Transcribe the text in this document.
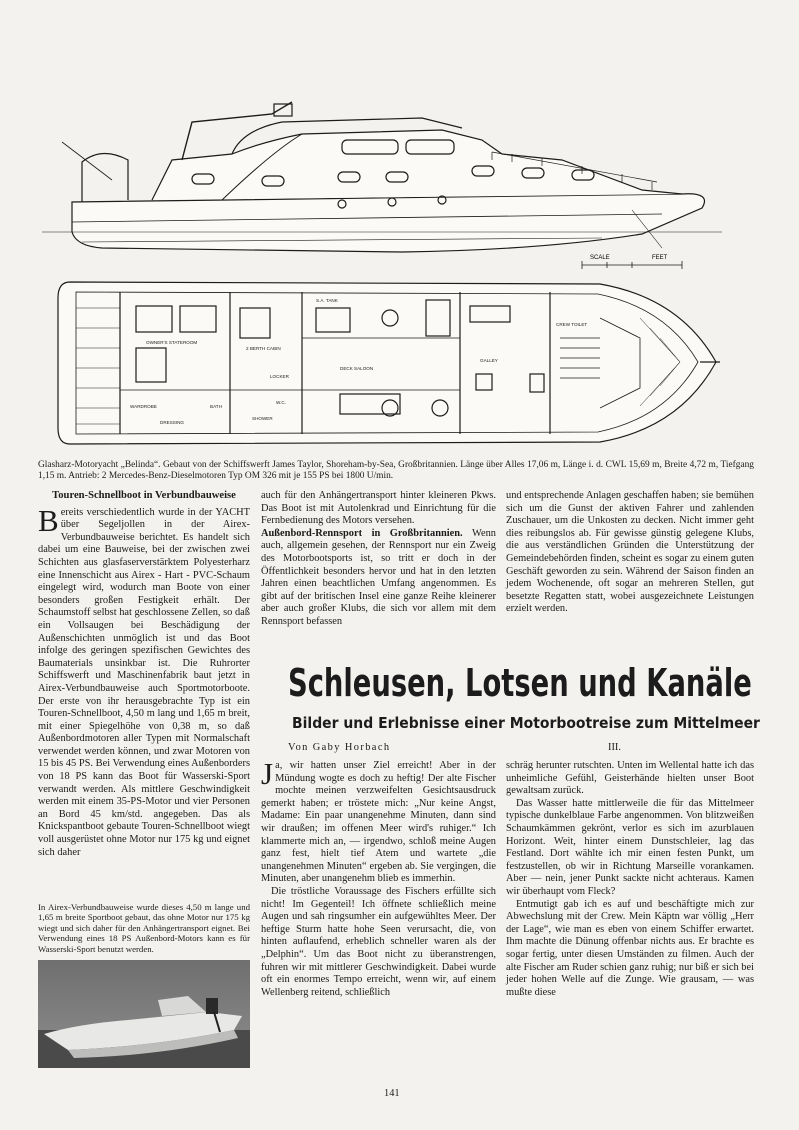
SCALE	FEET
OWNER'S STATEROOM
2 BERTH CABIN
DECK SALOON
GALLEY
CREW TOILET
W.C.
BATH
SHOWER
WARDROBE
S.A. TANK
DRESSING
LOCKER
Glasharz-Motoryacht „Belinda“. Gebaut von der Schiffswerft James Taylor, Shoreham-by-Sea, Großbritannien. Länge über Alles 17,06 m, Länge i. d. CWL 15,69 m, Breite 4,72 m, Tiefgang 1,15 m. Antrieb: 2 Mercedes-Benz-Dieselmotoren Typ OM 326 mit je 155 PS bei 1800 U/min.
Touren-Schnellboot in Verbundbauweise

Bereits verschiedentlich wurde in der YACHT über Segeljollen in der Airex-Verbundbauweise berichtet. Es handelt sich dabei um eine Bauweise, bei der zwischen zwei Schichten aus glasfaserverstärktem Polyesterharz eine Innenschicht aus Airex - Hart - PVC-Schaum eingelegt wird, wodurch man Boote von einer besonders großen Festigkeit erhält. Der Schaumstoff selbst hat geschlossene Zellen, so daß ein Vollsaugen bei Beschädigung der Außenschichten unmöglich ist und das Boot infolge des geringen spezifischen Gewichtes des Baumaterials unsinkbar ist. Die Ruhrorter Schiffswerft und Maschinenfabrik baut jetzt in Airex-Verbundbauweise auch Sportmotorboote. Der erste von ihr herausgebrachte Typ ist ein Touren-Schnellboot, 4,50 m lang und 1,65 m breit, mit einer Spiegelhöhe von 0,38 m, so daß Außenbordmotoren aller Typen mit Normalschaft verwendet werden können, und zwar Motoren von 15 bis 45 PS. Bei Verwendung eines Außenborders von 18 PS kann das Boot für Wasserski-Sport verwandt werden. Als mittlere Geschwindigkeit werden mit einem 35-PS-Motor und vier Personen an Bord 45 km/std. angegeben. Das als Knickspantboot gebaute Touren-Schnellboot wiegt voll ausgerüstet ohne Motor nur 175 kg und eignet sich daher

In Airex-Verbundbauweise wurde dieses 4,50 m lange und 1,65 m breite Sportboot gebaut, das ohne Motor nur 175 kg wiegt und sich daher für den Anhängertransport eignet. Bei Verwendung eines 18 PS Außenbord-Motors kann es für Wasserski-Sport benutzt werden.

auch für den Anhängertransport hinter kleineren Pkws. Das Boot ist mit Autolenkrad und Einrichtung für die Fernbedienung des Motors versehen.

Außenbord-Rennsport in Großbritannien. Wenn auch, allgemein gesehen, der Rennsport nur ein Zweig des Motorbootsports ist, so tritt er doch in der Öffentlichkeit besonders hervor und hat in den letzten Jahren einen beachtlichen Umfang angenommen. Es gibt auf der britischen Insel eine ganze Reihe kleinerer aber auch großer Klubs, die sich vor allem mit dem Rennsport befassen

und entsprechende Anlagen geschaffen haben; sie bemühen sich um die Gunst der aktiven Fahrer und zahlenden Zuschauer, um die Unkosten zu decken. Nicht immer geht dies reibungslos ab. Für gewisse günstig gelegene Klubs, die aus verständlichen Gründen die Unterstützung der Gemeindebehörden finden, scheint es sogar zu einem guten Geschäft geworden zu sein. Während der Saison finden an jedem Wochenende, oft sogar an mehreren Stellen, gut besetzte Regatten statt, wobei ausgezeichnete Leistungen erzielt werden.

Schleusen, Lotsen und Kanäle
Bilder und Erlebnisse einer Motorbootreise zum Mittelmeer
Von Gaby Horbach	III.

Ja, wir hatten unser Ziel erreicht! Aber in der Mündung wogte es doch zu heftig! Der alte Fischer mochte meinen verzweifelten Gesichtsausdruck gemerkt haben; er tröstete mich: „Nur keine Angst, Madame: Ein paar unangenehme Minuten, dann sind wir draußen; im offenen Meer wird's ruhiger.“ Ich klammerte mich an, — irgendwo, schloß meine Augen ganz fest, hielt tief Atem und wartete „die unangenehmen Minuten“ ergeben ab. Sie vergingen, die Minuten, aber unangenehm blieb es immerhin.

Die tröstliche Voraussage des Fischers erfüllte sich nicht! Im Gegenteil! Ich öffnete schließlich meine Augen und sah ringsumher ein aufgewühltes Meer. Der heftige Sturm hatte hohe Seen verursacht, die, von hinten auflaufend, erheblich schneller waren als der „Delphin“. Um das Boot nicht zu überanstrengen, fuhren wir mit mittlerer Geschwindigkeit. Dabei wurde oft ein enormes Tempo erreicht, wenn wir, auf einem Wellenberg reitend, schließlich

schräg herunter rutschten. Unten im Wellental hatte ich das unheimliche Gefühl, Geisterhände hielten unser Boot gewaltsam zurück.

Das Wasser hatte mittlerweile die für das Mittelmeer typische dunkelblaue Farbe angenommen. Von blitzweißen Schaumkämmen gekrönt, verlor es sich im azurblauen Horizont. Weit, hinter einem Dunstschleier, lag das Festland. Dort wählte ich mir einen festen Punkt, um festzustellen, ob wir in Richtung Marseille vorankamen. Aber — nein, jener Punkt sackte nicht achteraus. Kamen wir überhaupt vom Fleck?

Entmutigt gab ich es auf und beschäftigte mich zur Abwechslung mit der Crew. Mein Käptn war völlig „Herr der Lage“, wie man es eben von einem Schiffer erwartet. Ihm machte die Dünung offenbar nichts aus. Er brachte es sogar fertig, unter diesen Umständen zu filmen. Auch der alte Fischer am Ruder schien ganz ruhig; nur biß er sich bei jeder hohen Welle auf die Zunge. Wie grausam, — was mußte diese

141
